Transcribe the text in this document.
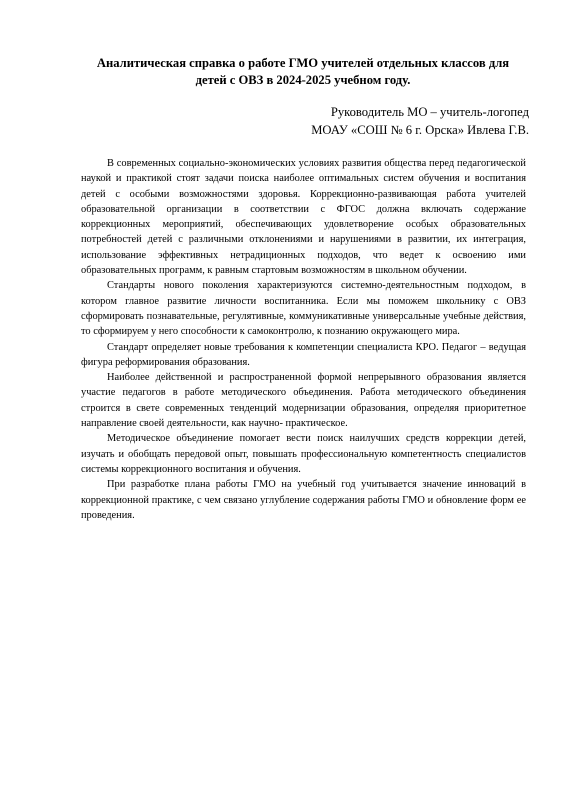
Аналитическая справка о работе ГМО учителей отдельных классов для
детей с ОВЗ в 2024-2025 учебном году.
Руководитель МО – учитель-логопед
МОАУ «СОШ № 6 г. Орска» Ивлева Г.В.

В современных социально-экономических условиях развития общества перед педагогической наукой и практикой стоят задачи поиска наиболее оптимальных систем обучения и воспитания детей с особыми возможностями здоровья. Коррекционно-развивающая работа учителей образовательной организации в соответствии с ФГОС должна включать содержание коррекционных мероприятий, обеспечивающих удовлетворение особых образовательных потребностей детей с различными отклонениями и нарушениями в развитии, их интеграция, использование эффективных нетрадиционных подходов, что ведет к освоению ими образовательных программ, к равным стартовым возможностям в школьном обучении.

Стандарты нового поколения характеризуются системно-деятельностным подходом, в котором главное развитие личности воспитанника. Если мы поможем школьнику с ОВЗ сформировать познавательные, регулятивные, коммуникативные универсальные учебные действия, то сформируем у него способности к самоконтролю, к познанию окружающего мира.

Стандарт определяет новые требования к компетенции специалиста КРО. Педагог – ведущая фигура реформирования образования.

Наиболее действенной и распространенной формой непрерывного образования является участие педагогов в работе методического объединения. Работа методического объединения строится в свете современных тенденций модернизации образования, определяя приоритетное направление своей деятельности, как научно- практическое.

Методическое объединение помогает вести поиск наилучших средств коррекции детей, изучать и обобщать передовой опыт, повышать профессиональную компетентность специалистов системы коррекционного воспитания и обучения.

При разработке плана работы ГМО на учебный год учитывается значение инноваций в коррекционной практике, с чем связано углубление содержания работы ГМО и обновление форм ее проведения.
